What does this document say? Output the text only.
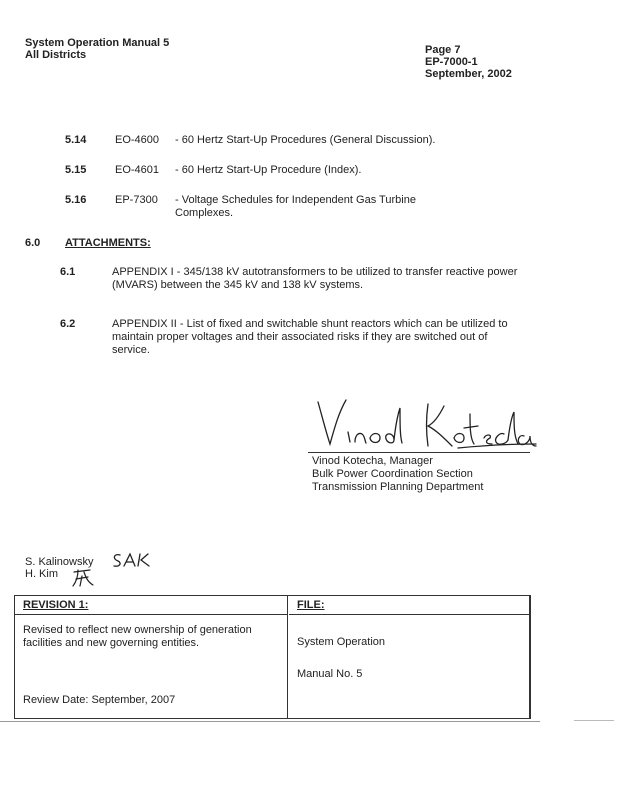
System Operation Manual 5
All Districts	Page 7
EP-7000-1
September, 2002
5.14	EO-4600 - 60 Hertz Start-Up Procedures (General Discussion).
5.15	EO-4601 - 60 Hertz Start-Up Procedure (Index).
5.16	EP-7300 - Voltage Schedules for Independent Gas Turbine Complexes.
6.0 ATTACHMENTS:
6.1	APPENDIX I - 345/138 kV autotransformers to be utilized to transfer reactive power (MVARS) between the 345 kV and 138 kV systems.
6.2	APPENDIX II - List of fixed and switchable shunt reactors which can be utilized to maintain proper voltages and their associated risks if they are switched out of service.
Vinod Kotecha, Manager
Bulk Power Coordination Section
Transmission Planning Department
S. Kalinowsky
H. Kim
REVISION 1:
Revised to reflect new ownership of generation facilities and new governing entities.
Review Date: September, 2007
FILE:
System Operation
Manual No. 5
